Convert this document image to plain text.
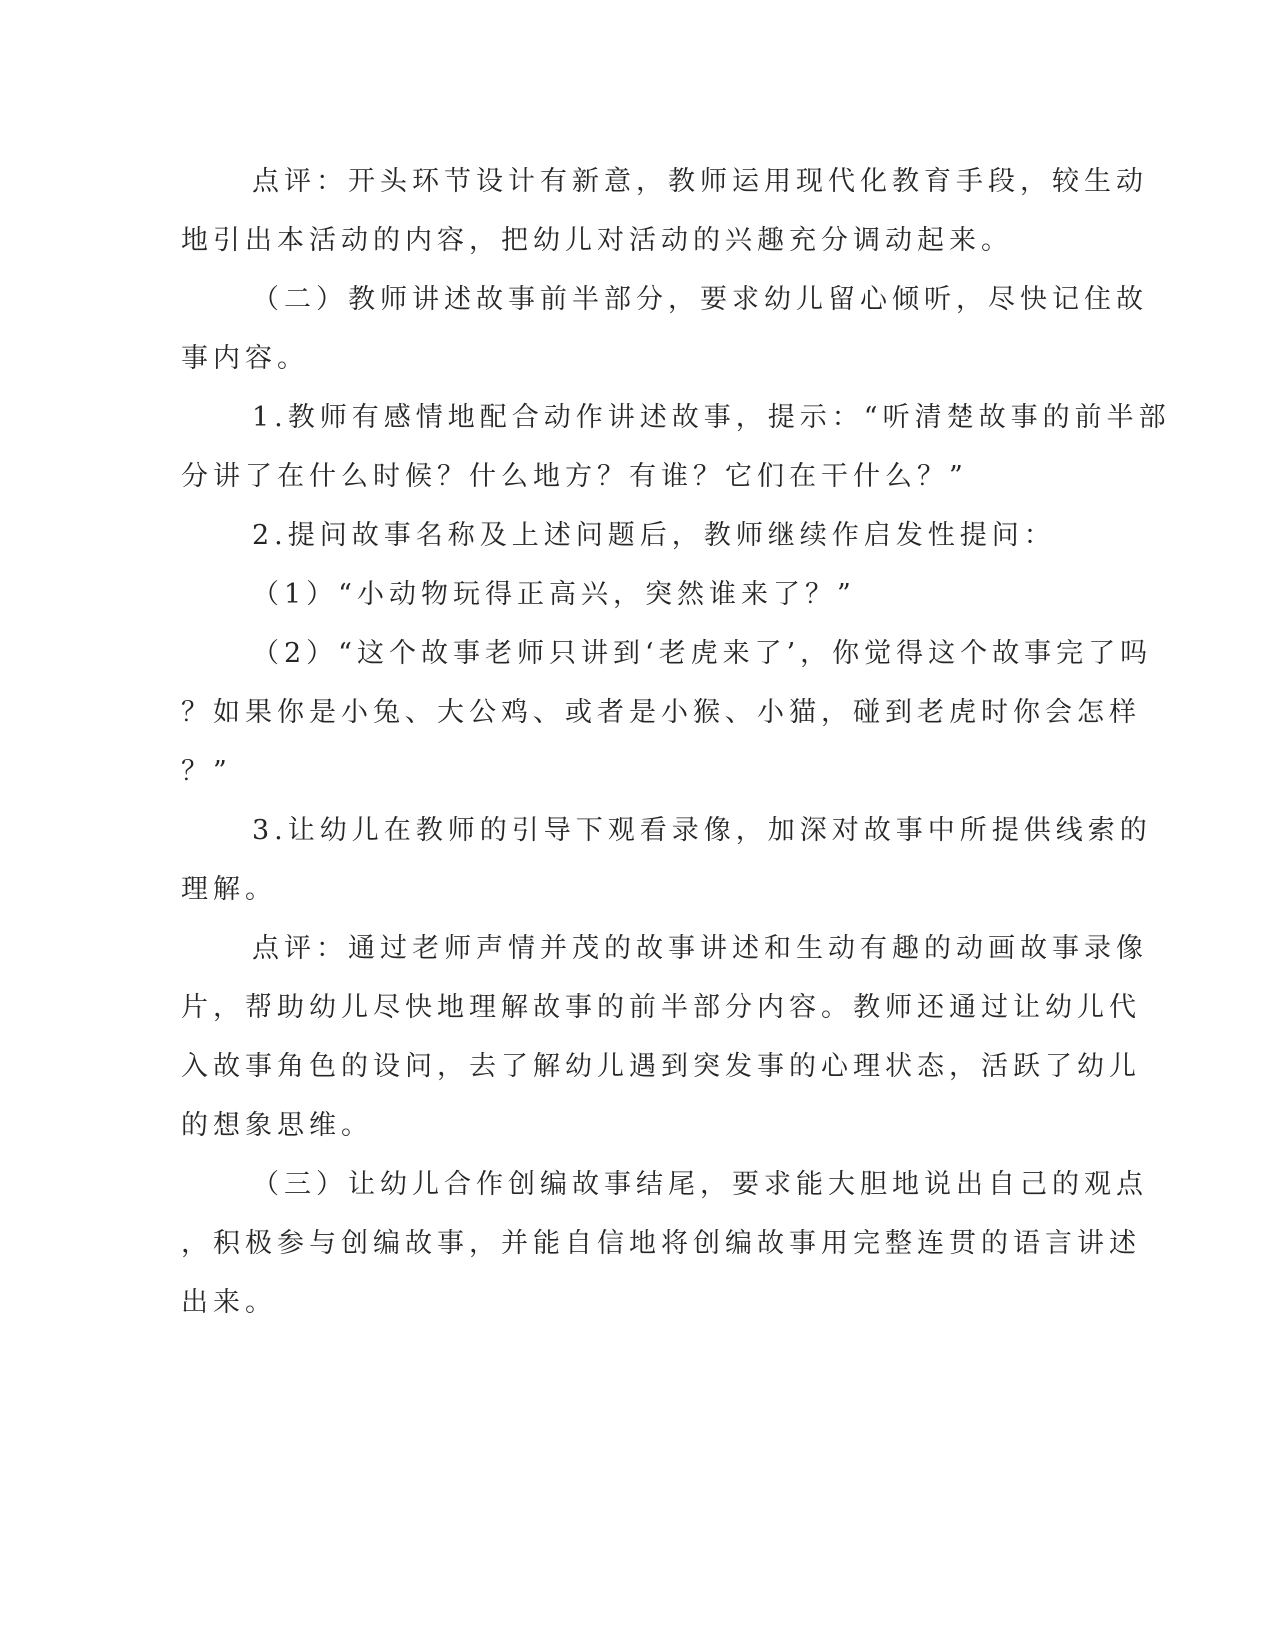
点评：开头环节设计有新意，教师运用现代化教育手段，较生动

地引出本活动的内容，把幼儿对活动的兴趣充分调动起来。

（二）教师讲述故事前半部分，要求幼儿留心倾听，尽快记住故

事内容。

1.教师有感情地配合动作讲述故事，提示：“听清楚故事的前半部

分讲了在什么时候？什么地方？有谁？它们在干什么？”

2.提问故事名称及上述问题后，教师继续作启发性提问：

（1）“小动物玩得正高兴，突然谁来了？”

（2）“这个故事老师只讲到‘老虎来了’，你觉得这个故事完了吗

？如果你是小兔、大公鸡、或者是小猴、小猫，碰到老虎时你会怎样

？”

3.让幼儿在教师的引导下观看录像，加深对故事中所提供线索的

理解。

点评：通过老师声情并茂的故事讲述和生动有趣的动画故事录像

片，帮助幼儿尽快地理解故事的前半部分内容。教师还通过让幼儿代

入故事角色的设问，去了解幼儿遇到突发事的心理状态，活跃了幼儿

的想象思维。

（三）让幼儿合作创编故事结尾，要求能大胆地说出自己的观点

，积极参与创编故事，并能自信地将创编故事用完整连贯的语言讲述

出来。
